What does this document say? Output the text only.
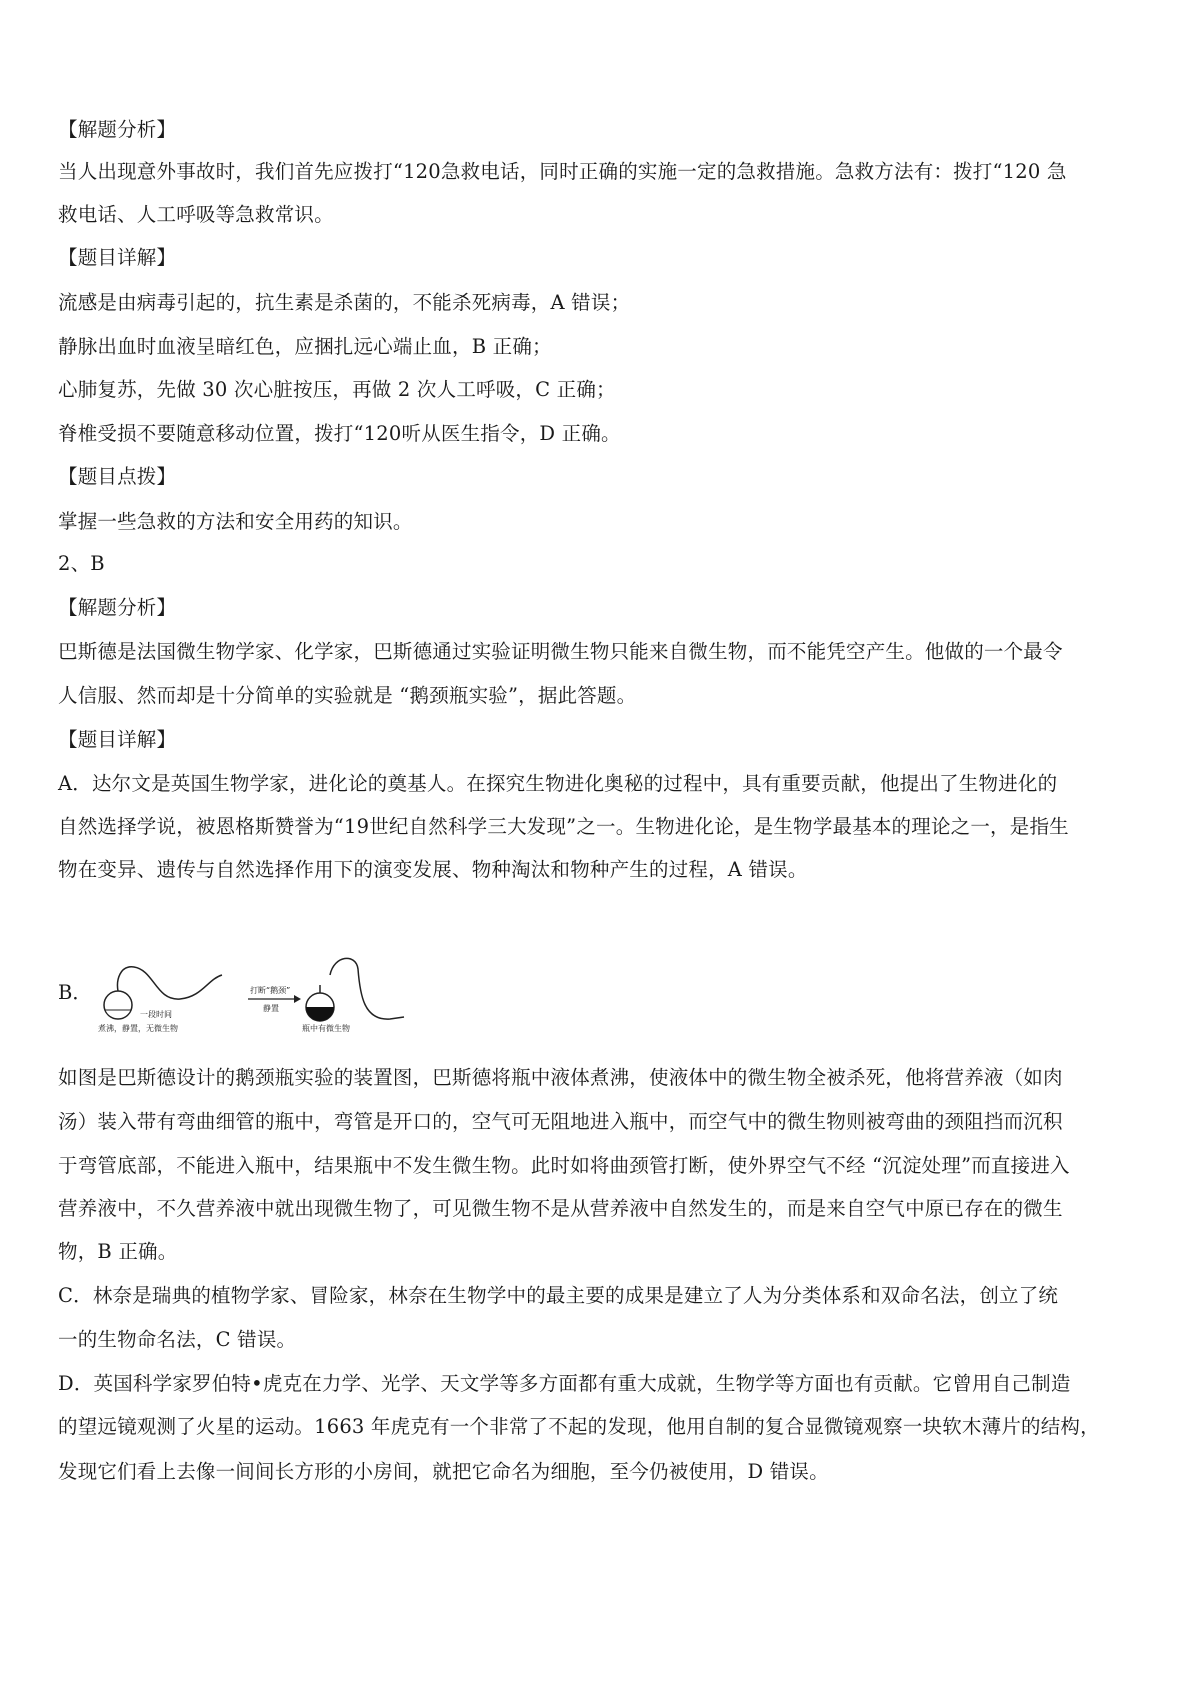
【解题分析】
当人出现意外事故时，我们首先应拨打“120急救电话，同时正确的实施一定的急救措施。急救方法有：拨打“120 急
救电话、人工呼吸等急救常识。
【题目详解】
流感是由病毒引起的，抗生素是杀菌的，不能杀死病毒，A 错误；
静脉出血时血液呈暗红色，应捆扎远心端止血，B 正确；
心肺复苏，先做 30 次心脏按压，再做 2 次人工呼吸，C 正确；
脊椎受损不要随意移动位置，拨打“120听从医生指令，D 正确。
【题目点拨】
掌握一些急救的方法和安全用药的知识。
2、B
【解题分析】
巴斯德是法国微生物学家、化学家，巴斯德通过实验证明微生物只能来自微生物，而不能凭空产生。他做的一个最令
人信服、然而却是十分简单的实验就是 “鹅颈瓶实验”，据此答题。
【题目详解】
A．达尔文是英国生物学家，进化论的奠基人。在探究生物进化奥秘的过程中，具有重要贡献，他提出了生物进化的
自然选择学说，被恩格斯赞誉为“19世纪自然科学三大发现”之一。生物进化论，是生物学最基本的理论之一，是指生
物在变异、遗传与自然选择作用下的演变发展、物种淘汰和物种产生的过程，A 错误。
B．
煮沸，静置，无微生物
一段时间
打断“鹅颈”
静置
瓶中有微生物
如图是巴斯德设计的鹅颈瓶实验的装置图，巴斯德将瓶中液体煮沸，使液体中的微生物全被杀死，他将营养液（如肉
汤）装入带有弯曲细管的瓶中，弯管是开口的，空气可无阻地进入瓶中，而空气中的微生物则被弯曲的颈阻挡而沉积
于弯管底部，不能进入瓶中，结果瓶中不发生微生物。此时如将曲颈管打断，使外界空气不经 “沉淀处理”而直接进入
营养液中，不久营养液中就出现微生物了，可见微生物不是从营养液中自然发生的，而是来自空气中原已存在的微生
物，B 正确。
C．林奈是瑞典的植物学家、冒险家，林奈在生物学中的最主要的成果是建立了人为分类体系和双命名法，创立了统
一的生物命名法，C 错误。
D．英国科学家罗伯特•虎克在力学、光学、天文学等多方面都有重大成就，生物学等方面也有贡献。它曾用自己制造
的望远镜观测了火星的运动。1663 年虎克有一个非常了不起的发现，他用自制的复合显微镜观察一块软木薄片的结构，
发现它们看上去像一间间长方形的小房间，就把它命名为细胞，至今仍被使用，D 错误。
